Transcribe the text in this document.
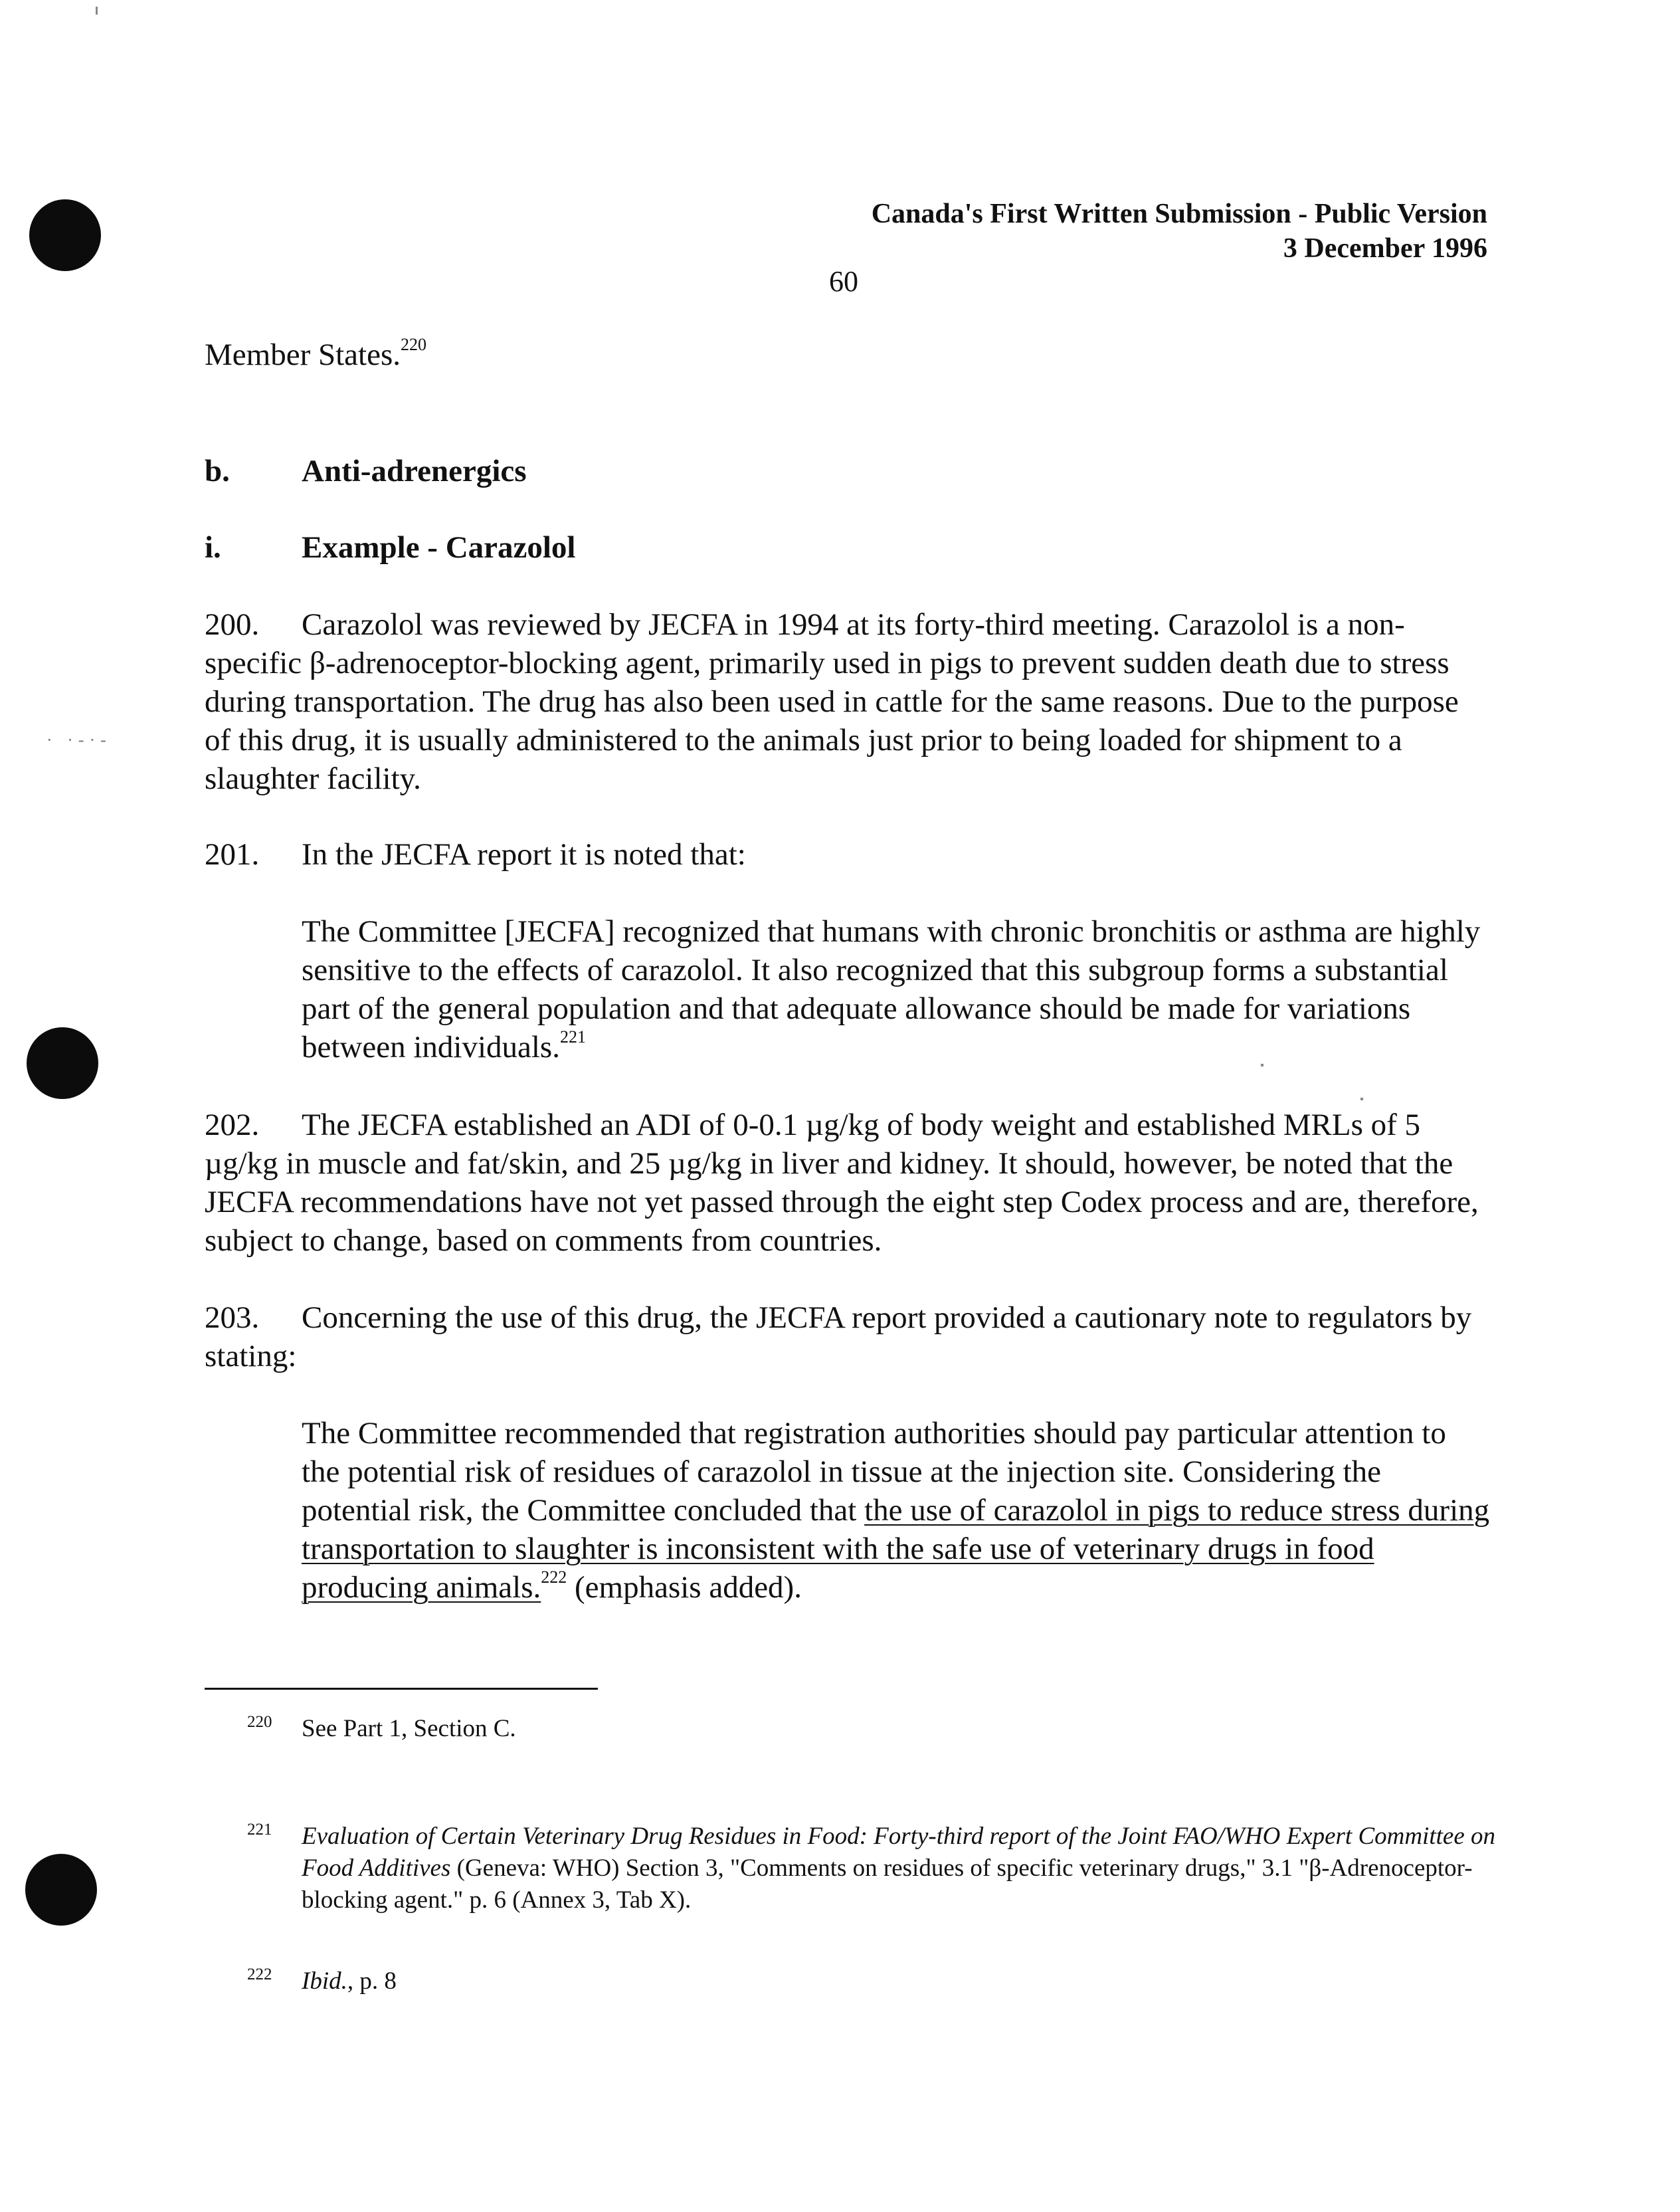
· ·-·-
Canada's First Written Submission - Public Version
3 December 1996
60
Member States.$^{220}$
b. Anti-adrenergics
i.	Example - Carazolol
200. Carazolol was reviewed by JECFA in 1994 at its forty-third meeting. Carazolol is a non-specific β-adrenoceptor-blocking agent, primarily used in pigs to prevent sudden death due to stress during transportation. The drug has also been used in cattle for the same reasons. Due to the purpose of this drug, it is usually administered to the animals just prior to being loaded for shipment to a slaughter facility.
201. In the JECFA report it is noted that:
The Committee [JECFA] recognized that humans with chronic bronchitis or asthma are highly sensitive to the effects of carazolol. It also recognized that this subgroup forms a substantial part of the general population and that adequate allowance should be made for variations between individuals.$^{221}$
202. The JECFA established an ADI of 0-0.1 µg/kg of body weight and established MRLs of 5 µg/kg in muscle and fat/skin, and 25 µg/kg in liver and kidney. It should, however, be noted that the JECFA recommendations have not yet passed through the eight step Codex process and are, therefore, subject to change, based on comments from countries.
203. Concerning the use of this drug, the JECFA report provided a cautionary note to regulators by stating:
The Committee recommended that registration authorities should pay particular attention to the potential risk of residues of carazolol in tissue at the injection site. Considering the potential risk, the Committee concluded that the use of carazolol in pigs to reduce stress during transportation to slaughter is inconsistent with the safe use of veterinary drugs in food producing animals.$^{222}$ (emphasis added).
220 See Part 1, Section C.
221 Evaluation of Certain Veterinary Drug Residues in Food: Forty-third report of the Joint FAO/WHO Expert Committee on Food Additives (Geneva: WHO) Section 3, "Comments on residues of specific veterinary drugs," 3.1 "β-Adrenoceptor-blocking agent." p. 6 (Annex 3, Tab X).
222 Ibid., p. 8
